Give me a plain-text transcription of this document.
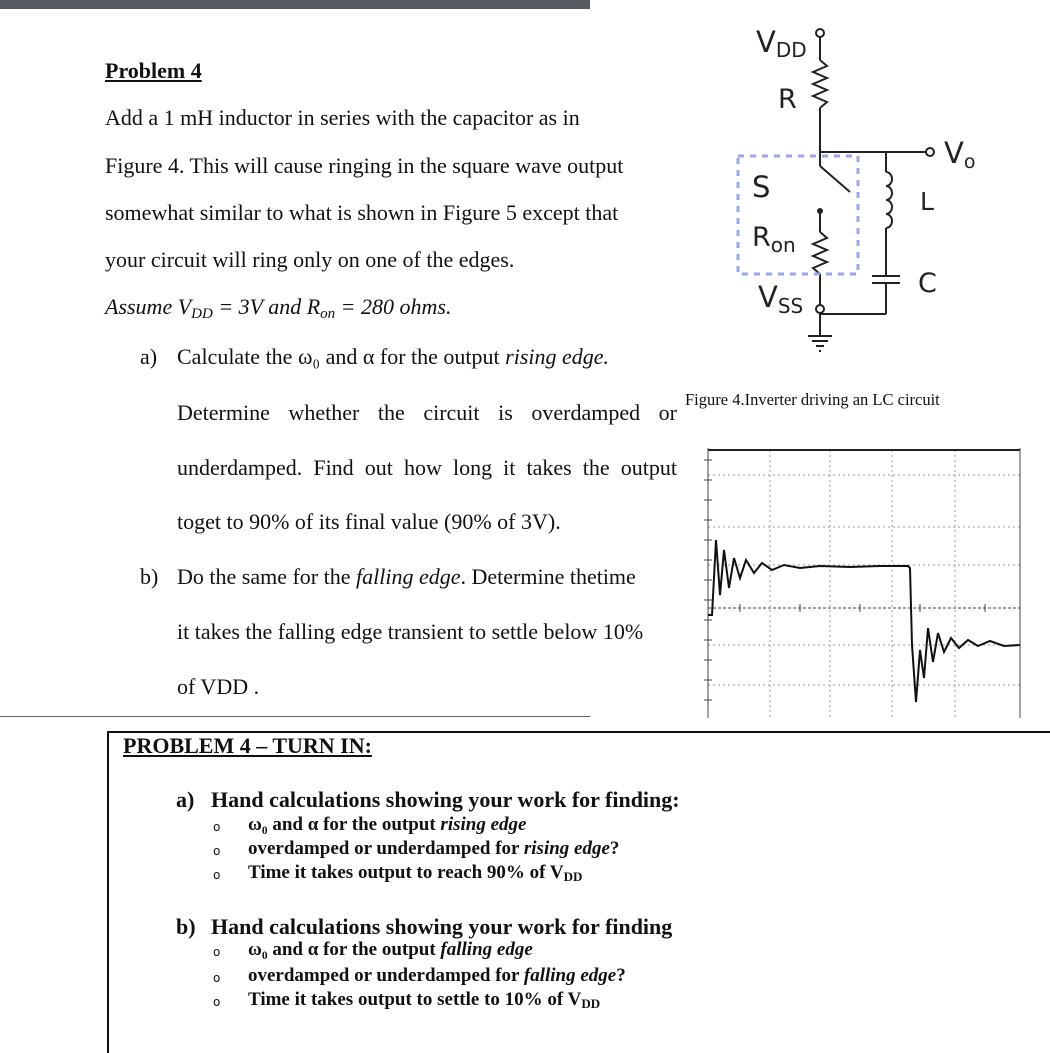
Problem 4
Add a 1 mH inductor in series with the capacitor as in
Figure 4. This will cause ringing in the square wave output
somewhat similar to what is shown in Figure 5 except that
your circuit will ring only on one of the edges.
Assume $V_{DD} = 3V$ and $R_{on} = 280$ ohms.
a) Calculate the ω₀ and α for the output rising edge.
Determine whether the circuit is overdamped or
underdamped. Find out how long it takes the output
toget to 90% of its final value (90% of 3V).
b) Do the same for the falling edge. Determine thetime
it takes the falling edge transient to settle below 10%
of VDD .
VDD
R
Vo
S	L
$R_{on}$
C
$V_{SS}$
Figure 4.Inverter driving an LC circuit
PROBLEM 4 – TURN IN:
a) Hand calculations showing your work for finding:
o ω₀ and α for the output rising edge
o overdamped or underdamped for rising edge?
o Time it takes output to reach 90% of VDD
b) Hand calculations showing your work for finding
o ω₀ and α for the output falling edge
o overdamped or underdamped for falling edge?
o Time it takes output to settle to 10% of VDD
